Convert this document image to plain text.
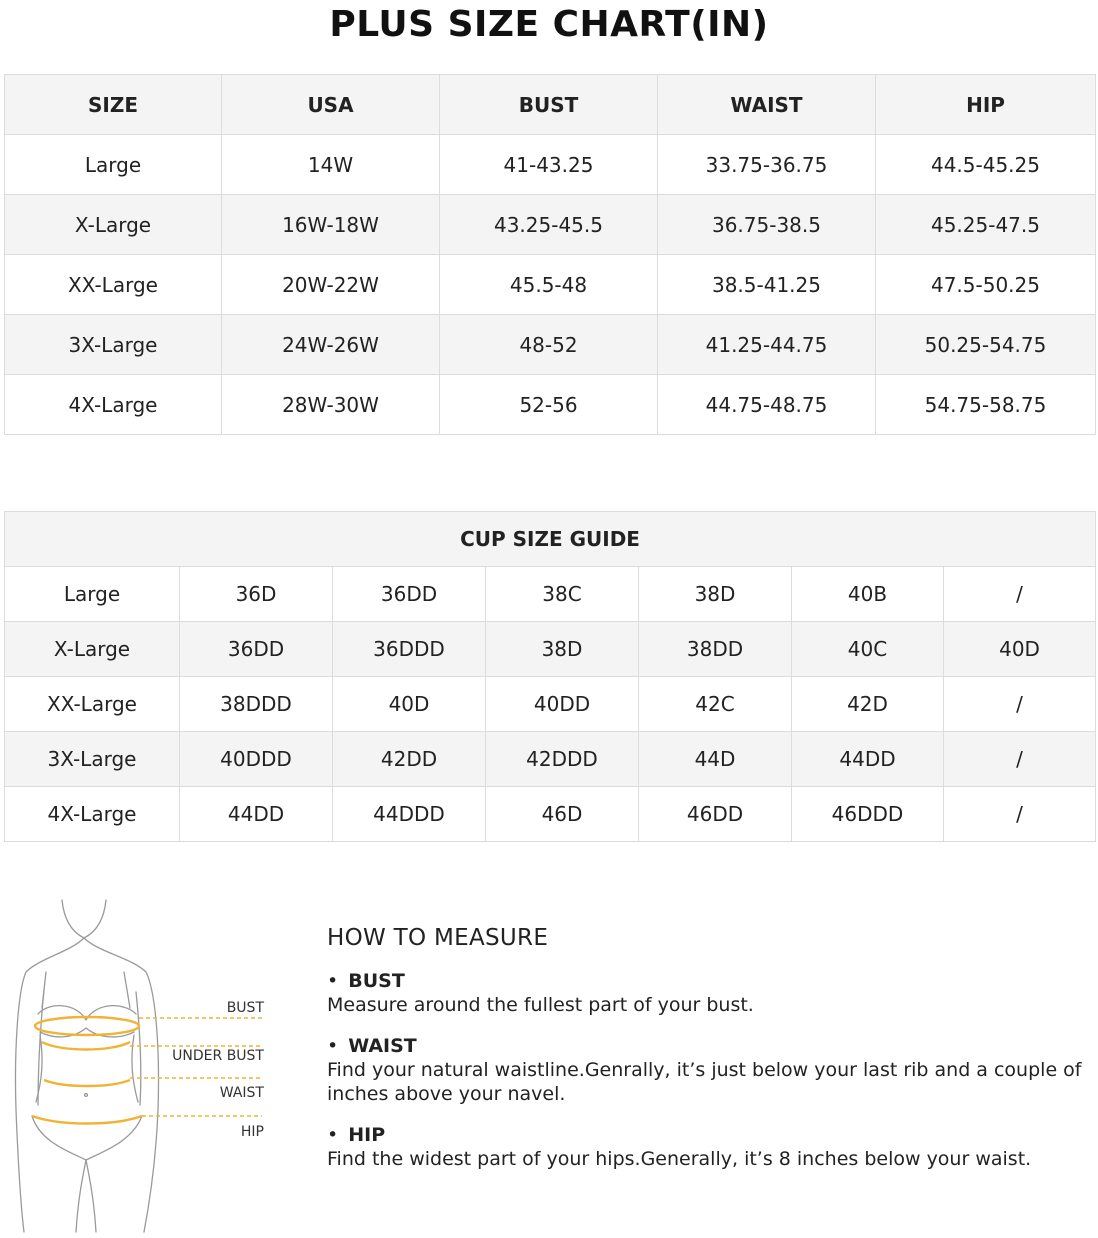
PLUS SIZE CHART(IN)
SIZE	USA	BUST	WAIST	HIP
Large	14W	41-43.25	33.75-36.75	44.5-45.25
X-Large	16W-18W	43.25-45.5	36.75-38.5	45.25-47.5
XX-Large	20W-22W	45.5-48	38.5-41.25	47.5-50.25
3X-Large	24W-26W	48-52	41.25-44.75	50.25-54.75
4X-Large	28W-30W	52-56	44.75-48.75	54.75-58.75
CUP SIZE GUIDE						
Large	36D	36DD	38C	38D	40B	/
X-Large	36DD	36DDD	38D	38DD	40C	40D
XX-Large	38DDD	40D	40DD	42C	42D	/
3X-Large	40DDD	42DD	42DDD	44D	44DD	/
4X-Large	44DD	44DDD	46D	46DD	46DDD	/
BUST
UNDER BUST
WAIST
HIP
HOW TO MEASURE
• BUST
Measure around the fullest part of your bust.
• WAIST
Find your natural waistline.Genrally, it’s just below your last rib and a couple of inches above your navel.
• HIP
Find the widest part of your hips.Generally, it’s 8 inches below your waist.
